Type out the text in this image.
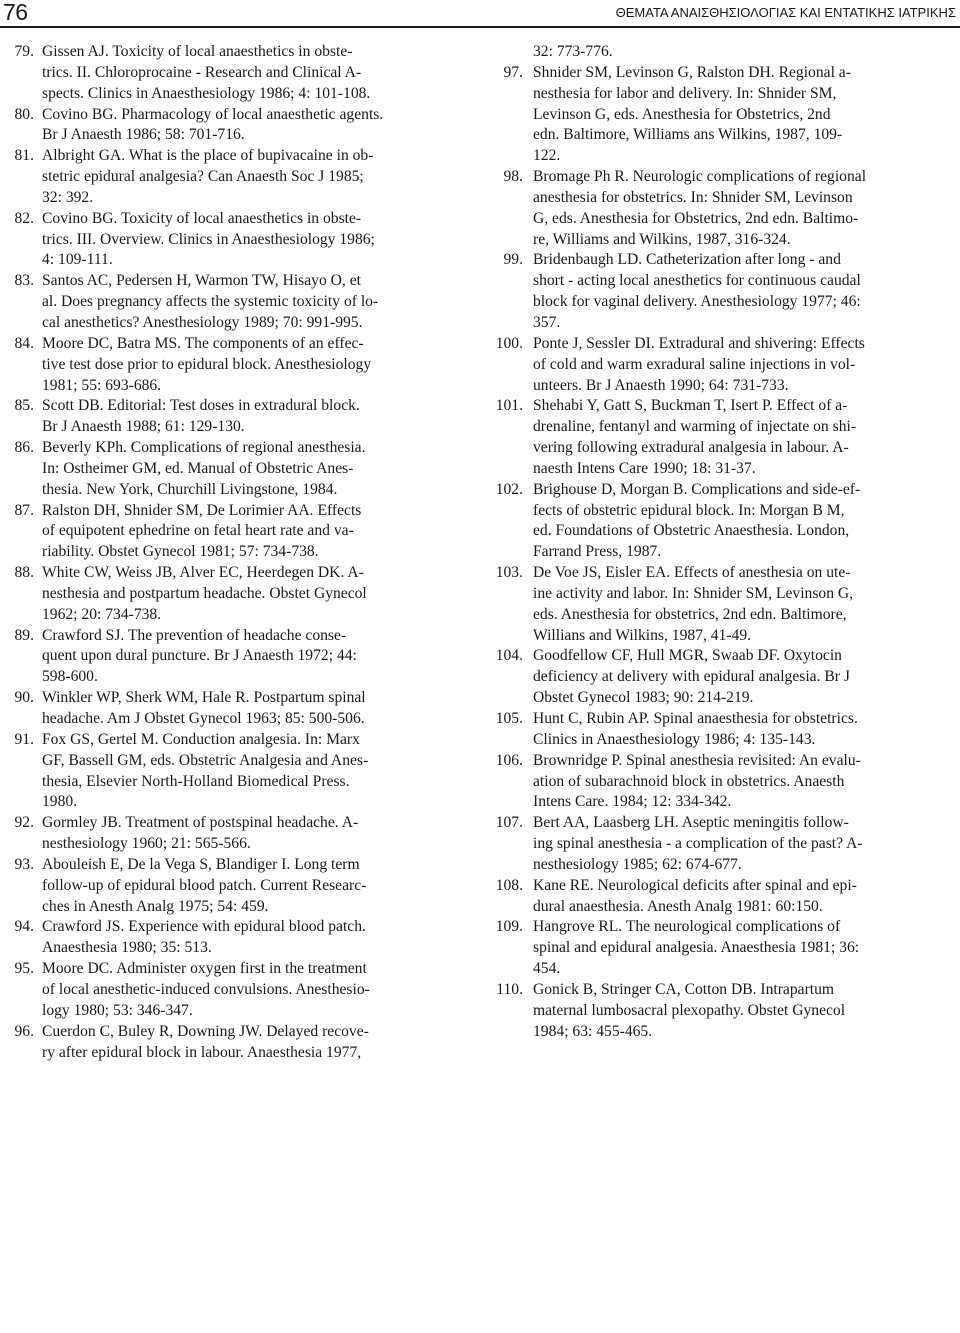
76	ΘΕΜΑΤΑ ΑΝΑΙΣΘΗΣΙΟΛΟΓΙΑΣ ΚΑΙ ΕΝΤΑΤΙΚΗΣ ΙΑΤΡΙΚΗΣ
79. Gissen AJ. Toxicity of local anaesthetics in obste-
trics. II. Chloroprocaine - Research and Clinical A-
spects. Clinics in Anaesthesiology 1986; 4: 101-108.
80. Covino BG. Pharmacology of local anaesthetic agents.
Br J Anaesth 1986; 58: 701-716.
81. Albright GA. What is the place of bupivacaine in ob-
stetric epidural analgesia? Can Anaesth Soc J 1985;
32: 392.
82. Covino BG. Toxicity of local anaesthetics in obste-
trics. III. Overview. Clinics in Anaesthesiology 1986;
4: 109-111.
83. Santos AC, Pedersen H, Warmon TW, Hisayo O, et
al. Does pregnancy affects the systemic toxicity of lo-
cal anesthetics? Anesthesiology 1989; 70: 991-995.
84. Moore DC, Batra MS. The components of an effec-
tive test dose prior to epidural block. Anesthesiology
1981; 55: 693-686.
85. Scott DB. Editorial: Test doses in extradural block.
Br J Anaesth 1988; 61: 129-130.
86. Beverly KPh. Complications of regional anesthesia.
In: Ostheimer GM, ed. Manual of Obstetric Anes-
thesia. New York, Churchill Livingstone, 1984.
87. Ralston DH, Shnider SM, De Lorimier AA. Effects
of equipotent ephedrine on fetal heart rate and va-
riability. Obstet Gynecol 1981; 57: 734-738.
88. White CW, Weiss JB, Alver EC, Heerdegen DK. A-
nesthesia and postpartum headache. Obstet Gynecol
1962; 20: 734-738.
89. Crawford SJ. The prevention of headache conse-
quent upon dural puncture. Br J Anaesth 1972; 44:
598-600.
90. Winkler WP, Sherk WM, Hale R. Postpartum spinal
headache. Am J Obstet Gynecol 1963; 85: 500-506.
91. Fox GS, Gertel M. Conduction analgesia. In: Marx
GF, Bassell GM, eds. Obstetric Analgesia and Anes-
thesia, Elsevier North-Holland Biomedical Press.
1980.
92. Gormley JB. Treatment of postspinal headache. A-
nesthesiology 1960; 21: 565-566.
93. Abouleish E, De la Vega S, Blandiger I. Long term
follow-up of epidural blood patch. Current Researc-
ches in Anesth Analg 1975; 54: 459.
94. Crawford JS. Experience with epidural blood patch.
Anaesthesia 1980; 35: 513.
95. Moore DC. Administer oxygen first in the treatment
of local anesthetic-induced convulsions. Anesthesio-
logy 1980; 53: 346-347.
96. Cuerdon C, Buley R, Downing JW. Delayed recove-
ry after epidural block in labour. Anaesthesia 1977,
32: 773-776.
97. Shnider SM, Levinson G, Ralston DH. Regional a-
nesthesia for labor and delivery. In: Shnider SM,
Levinson G, eds. Anesthesia for Obstetrics, 2nd
edn. Baltimore, Williams ans Wilkins, 1987, 109-
122.
98. Bromage Ph R. Neurologic complications of regional
anesthesia for obstetrics. In: Shnider SM, Levinson
G, eds. Anesthesia for Obstetrics, 2nd edn. Baltimo-
re, Williams and Wilkins, 1987, 316-324.
99. Bridenbaugh LD. Catheterization after long - and
short - acting local anesthetics for continuous caudal
block for vaginal delivery. Anesthesiology 1977; 46:
357.
100. Ponte J, Sessler DI. Extradural and shivering: Effects
of cold and warm exradural saline injections in vol-
unteers. Br J Anaesth 1990; 64: 731-733.
101. Shehabi Y, Gatt S, Buckman T, Isert P. Effect of a-
drenaline, fentanyl and warming of injectate on shi-
vering following extradural analgesia in labour. A-
naesth Intens Care 1990; 18: 31-37.
102. Brighouse D, Morgan B. Complications and side-ef-
fects of obstetric epidural block. In: Morgan B M,
ed. Foundations of Obstetric Anaesthesia. London,
Farrand Press, 1987.
103. De Voe JS, Eisler EA. Effects of anesthesia on ute-
ine activity and labor. In: Shnider SM, Levinson G,
eds. Anesthesia for obstetrics, 2nd edn. Baltimore,
Willians and Wilkins, 1987, 41-49.
104. Goodfellow CF, Hull MGR, Swaab DF. Oxytocin
deficiency at delivery with epidural analgesia. Br J
Obstet Gynecol 1983; 90: 214-219.
105. Hunt C, Rubin AP. Spinal anaesthesia for obstetrics.
Clinics in Anaesthesiology 1986; 4: 135-143.
106. Brownridge P. Spinal anesthesia revisited: An evalu-
ation of subarachnoid block in obstetrics. Anaesth
Intens Care. 1984; 12: 334-342.
107. Bert AA, Laasberg LH. Aseptic meningitis follow-
ing spinal anesthesia - a complication of the past? A-
nesthesiology 1985; 62: 674-677.
108. Kane RE. Neurological deficits after spinal and epi-
dural anaesthesia. Anesth Analg 1981: 60:150.
109. Hangrove RL. The neurological complications of
spinal and epidural analgesia. Anaesthesia 1981; 36:
454.
110. Gonick B, Stringer CA, Cotton DB. Intrapartum
maternal lumbosacral plexopathy. Obstet Gynecol
1984; 63: 455-465.
